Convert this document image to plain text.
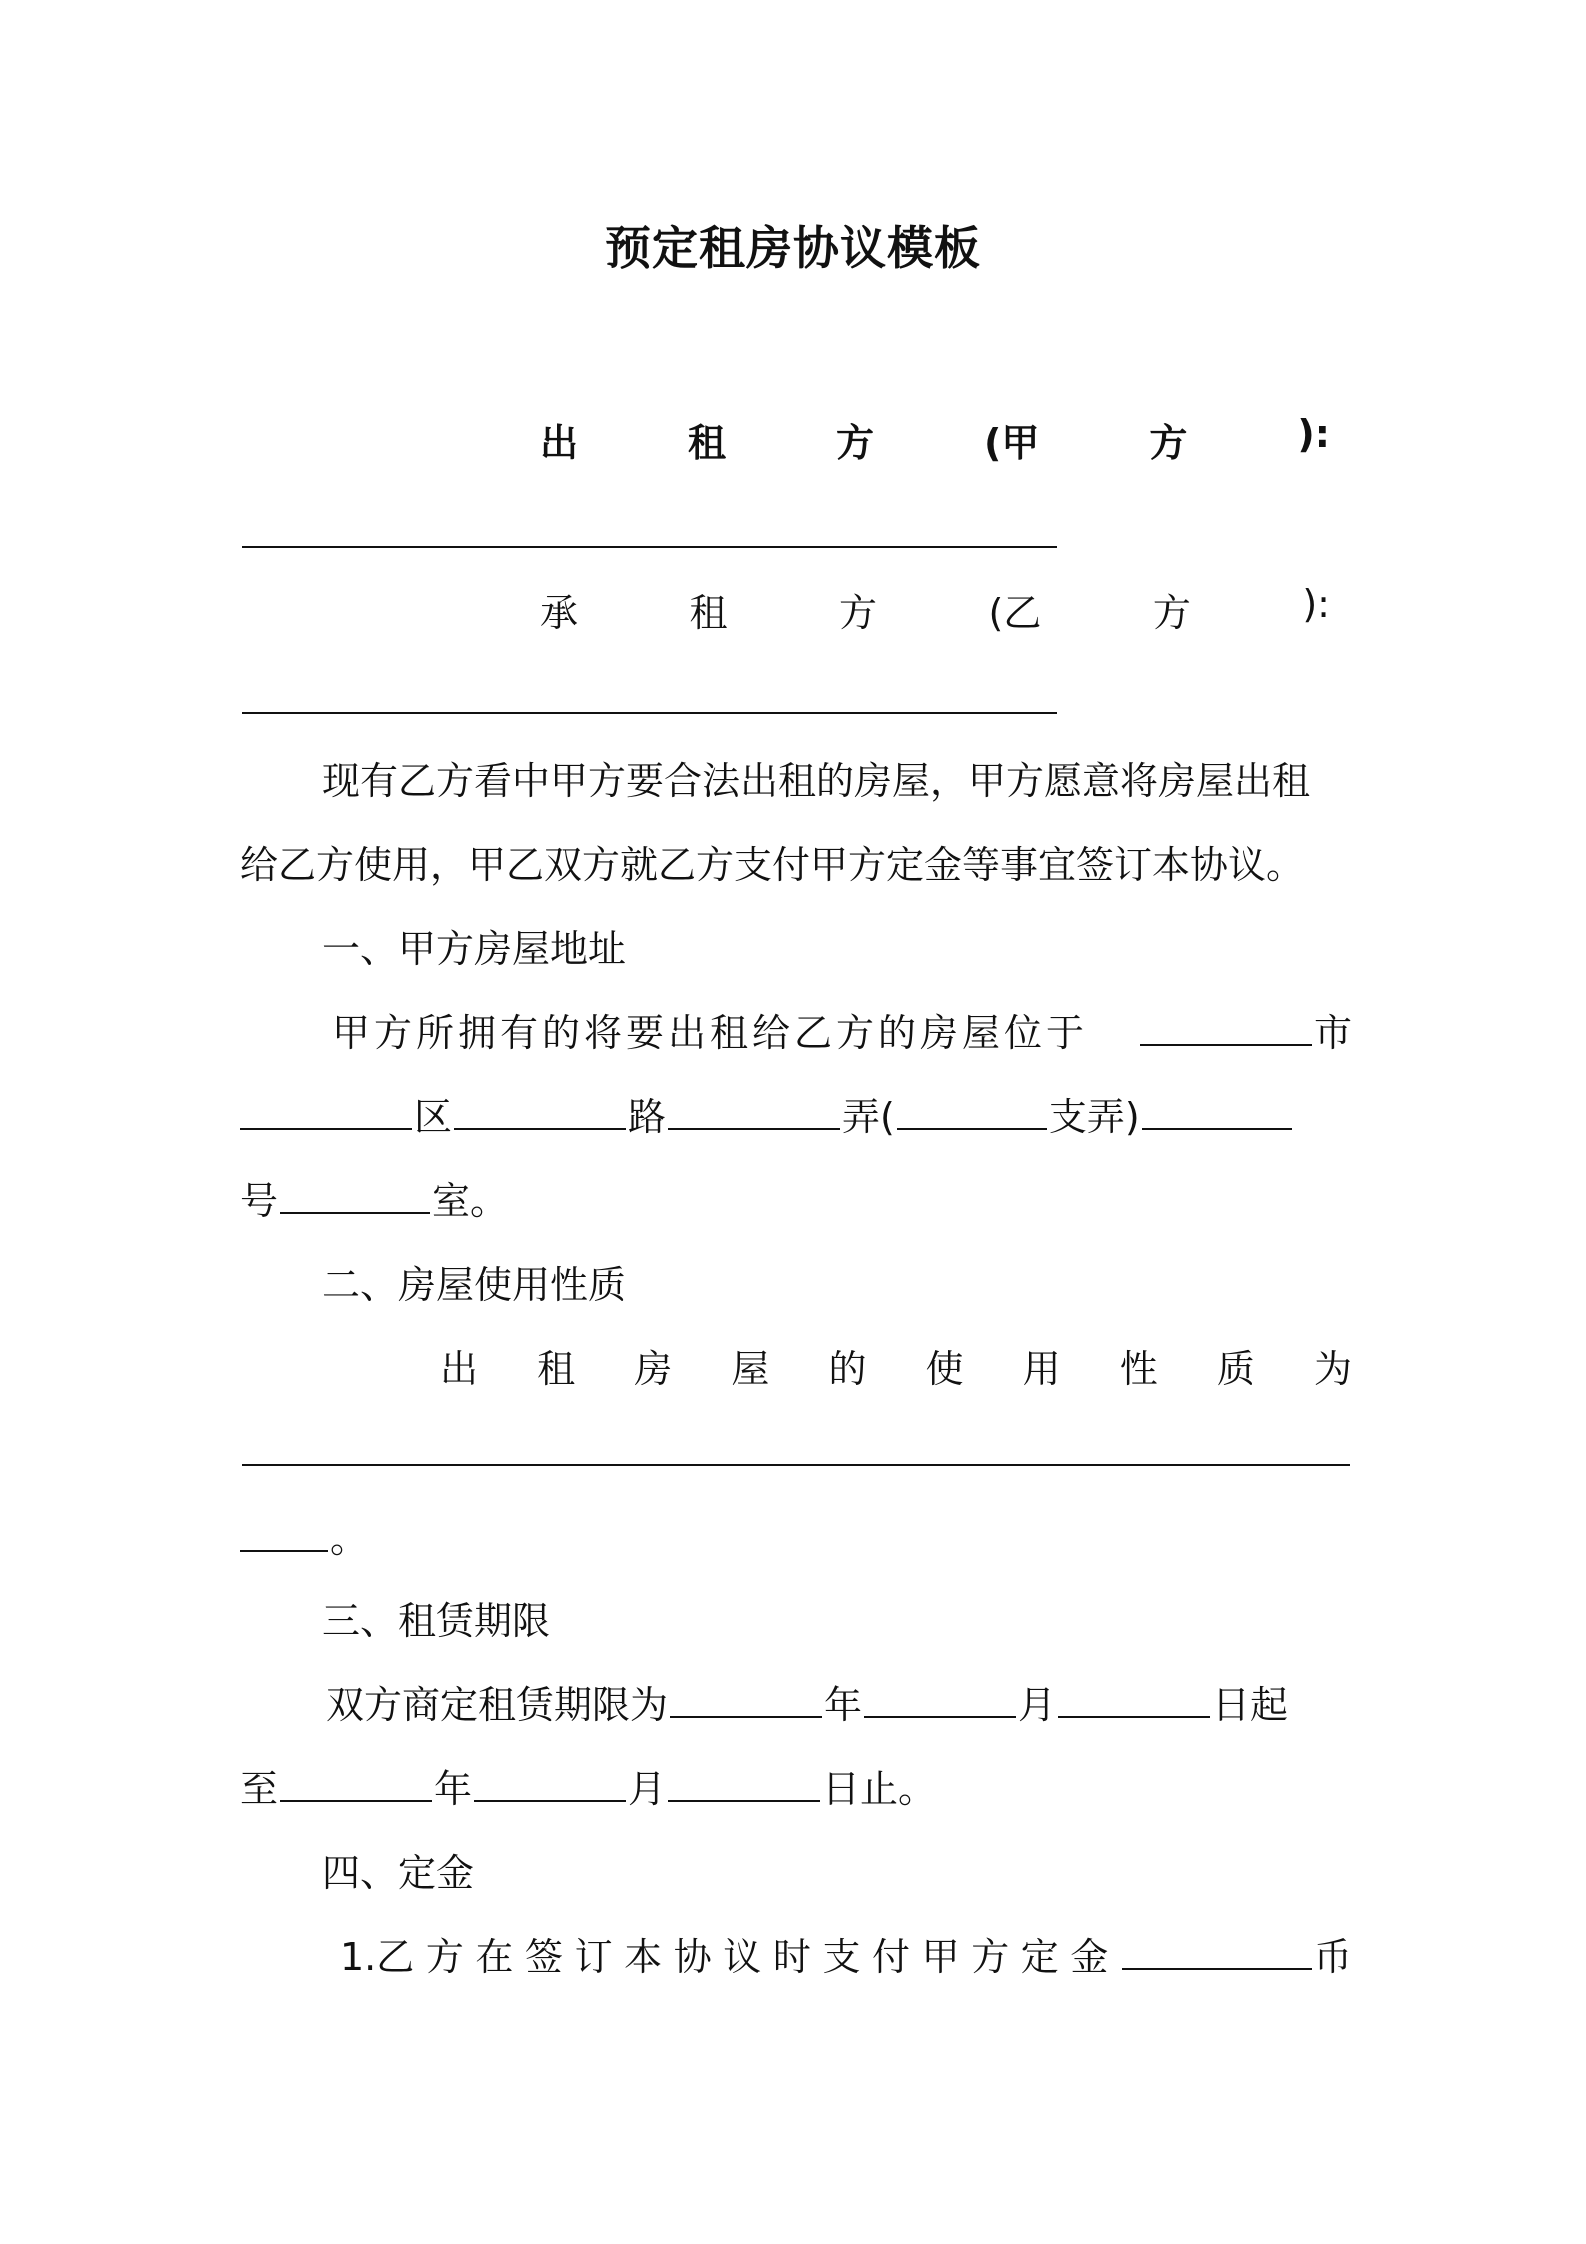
预定租房协议模板
出	租	方	(甲	方	):
承	租	方	(乙	方	):
现有乙方看中甲方要合法出租的房屋，甲方愿意将房屋出租
给乙方使用，甲乙双方就乙方支付甲方定金等事宜签订本协议。
一、甲方房屋地址
甲方所拥有的将要出租给乙方的房屋位于	市
区	路	弄(	支弄)
号	室。
二、房屋使用性质
出 租 房 屋 的 使 用 性 质 为
。
三、租赁期限
双方商定租赁期限为	年	月	日起
至	年	月	日止。
四、定金
1.乙 方 在 签 订 本 协 议 时 支 付 甲 方 定 金	币
